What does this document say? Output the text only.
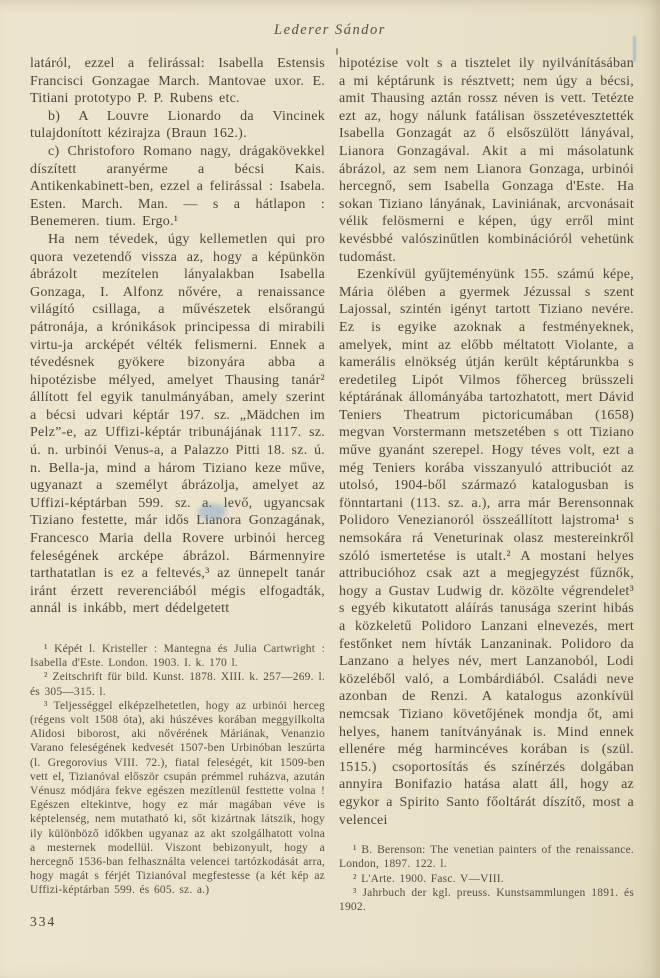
Lederer Sándor

latáról, ezzel a felirással: Isabella Estensis Francisci Gonzagae March. Mantovae uxor. E. Titiani prototypo P. P. Rubens etc.

b) A Louvre Lionardo da Vincinek tulajdonított kézirajza (Braun 162.).

c) Christoforo Romano nagy, drágakövekkel díszített aranyérme a bécsi Kais. Antikenkabinett-ben, ezzel a felirással : Isabela. Esten. March. Man. — s a hátlapon : Benemeren. tium. Ergo.¹

Ha nem tévedek, úgy kellemetlen qui pro quora vezetendő vissza az, hogy a képünkön ábrázolt mezítelen lányalakban Isabella Gonzaga, I. Alfonz nővére, a renaissance világító csillaga, a művészetek elsőrangú pátronája, a krónikások principessa di mirabili virtu-ja arcképét vélték felismerni. Ennek a tévedésnek gyökere bizonyára abba a hipotézisbe mélyed, amelyet Thausing tanár² állított fel egyik tanulmányában, amely szerint a bécsi udvari képtár 197. sz. „Mädchen im Pelz”-e, az Uffizi-képtár tribunájának 1117. sz. ú. n. urbinói Venus-a, a Palazzo Pitti 18. sz. ú. n. Bella-ja, mind a három Tiziano keze műve, ugyanazt a személyt ábrázolja, amelyet az Uffizi-képtárban 599. sz. a. levő, ugyancsak Tiziano festette, már idős Lianora Gonzagának, Francesco Maria della Rovere urbinói herceg feleségének arcképe ábrázol. Bármennyire tarthatatlan is ez a feltevés,³ az ünnepelt tanár iránt érzett reverenciából mégis elfogadták, annál is inkább, mert dédelgetett

¹ Képét l. Kristeller : Mantegna és Julia Cartwright : Isabella d'Este. London. 1903. I. k. 170 l.

² Zeitschrift für bild. Kunst. 1878. XIII. k. 257—269. l. és 305—315. l.

³ Teljességgel elképzelhetetlen, hogy az urbinói herceg (régens volt 1508 óta), aki húszéves korában meggyilkolta Alidosi biborost, aki nővérének Máriának, Venanzio Varano feleségének kedvesét 1507-ben Urbinóban leszúrta (l. Gregorovius VIII. 72.), fiatal feleségét, kit 1509-ben vett el, Tizianóval először csupán prémmel ruházva, azután Vénusz módjára fekve egészen mezítlenül festtette volna ! Egészen eltekintve, hogy ez már magában véve is képtelenség, nem mutatható ki, sőt kizártnak látszik, hogy ily különböző időkben ugyanaz az akt szolgálhatott volna a mesternek modellül. Viszont bebizonyult, hogy a hercegnő 1536-ban felhasználta velencei tartózkodását arra, hogy magát s férjét Tizianóval megfestesse (a két kép az Uffizi-képtárban 599. és 605. sz. a.)

334

hipotézise volt s a tisztelet ily nyilvánításában a mi képtárunk is résztvett; nem úgy a bécsi, amit Thausing aztán rossz néven is vett. Tetézte ezt az, hogy nálunk fatálisan összetévesztették Isabella Gonzagát az ő elsőszülött lányával, Lianora Gonzagával. Akit a mi másolatunk ábrázol, az sem nem Lianora Gonzaga, urbinói hercegnő, sem Isabella Gonzaga d'Este. Ha sokan Tiziano lányának, Laviniának, arcvonásait vélik felösmerni e képen, úgy erről mint kevésbbé valószinűtlen kombinációról vehetünk tudomást.

Ezenkívül gyűjteményünk 155. számú képe, Mária ölében a gyermek Jézussal s szent Lajossal, szintén igényt tartott Tiziano nevére. Ez is egyike azoknak a festményeknek, amelyek, mint az előbb méltatott Violante, a kamerális elnökség útján került képtárunkba s eredetileg Lipót Vilmos főherceg brüsszeli képtárának állományába tartozhatott, mert Dávid Teniers Theatrum pictoricumában (1658) megvan Vorstermann metszetében s ott Tiziano műve gyanánt szerepel. Hogy téves volt, ezt a még Teniers korába visszanyuló attribuciót az utolsó, 1904-ből származó katalogusban is fönntartani (113. sz. a.), arra már Berensonnak Polidoro Venezianoról összeállított lajstroma¹ s nemsokára rá Veneturinak olasz mestereinkről szóló ismertetése is utalt.² A mostani helyes attribucióhoz csak azt a megjegyzést fűznők, hogy a Gustav Ludwig dr. közölte végrendelet³ s egyéb kikutatott aláírás tanusága szerint hibás a közkeletű Polidoro Lanzani elnevezés, mert festőnket nem hívták Lanzaninak. Polidoro da Lanzano a helyes név, mert Lanzanoból, Lodi közeléből való, a Lombárdiából. Családi neve azonban de Renzi. A katalogus azonkívül nemcsak Tiziano követőjének mondja őt, ami helyes, hanem tanítványának is. Mind ennek ellenére még harmincéves korában is (szül. 1515.) csoportosítás és színérzés dolgában annyira Bonifazio hatása alatt áll, hogy az egykor a Spirito Santo főoltárát díszítő, most a velencei

¹ B. Berenson: The venetian painters of the renaissance. London, 1897. 122. l.

² L'Arte. 1900. Fasc. V—VIII.

³ Jahrbuch der kgl. preuss. Kunstsammlungen 1891. és 1902.
